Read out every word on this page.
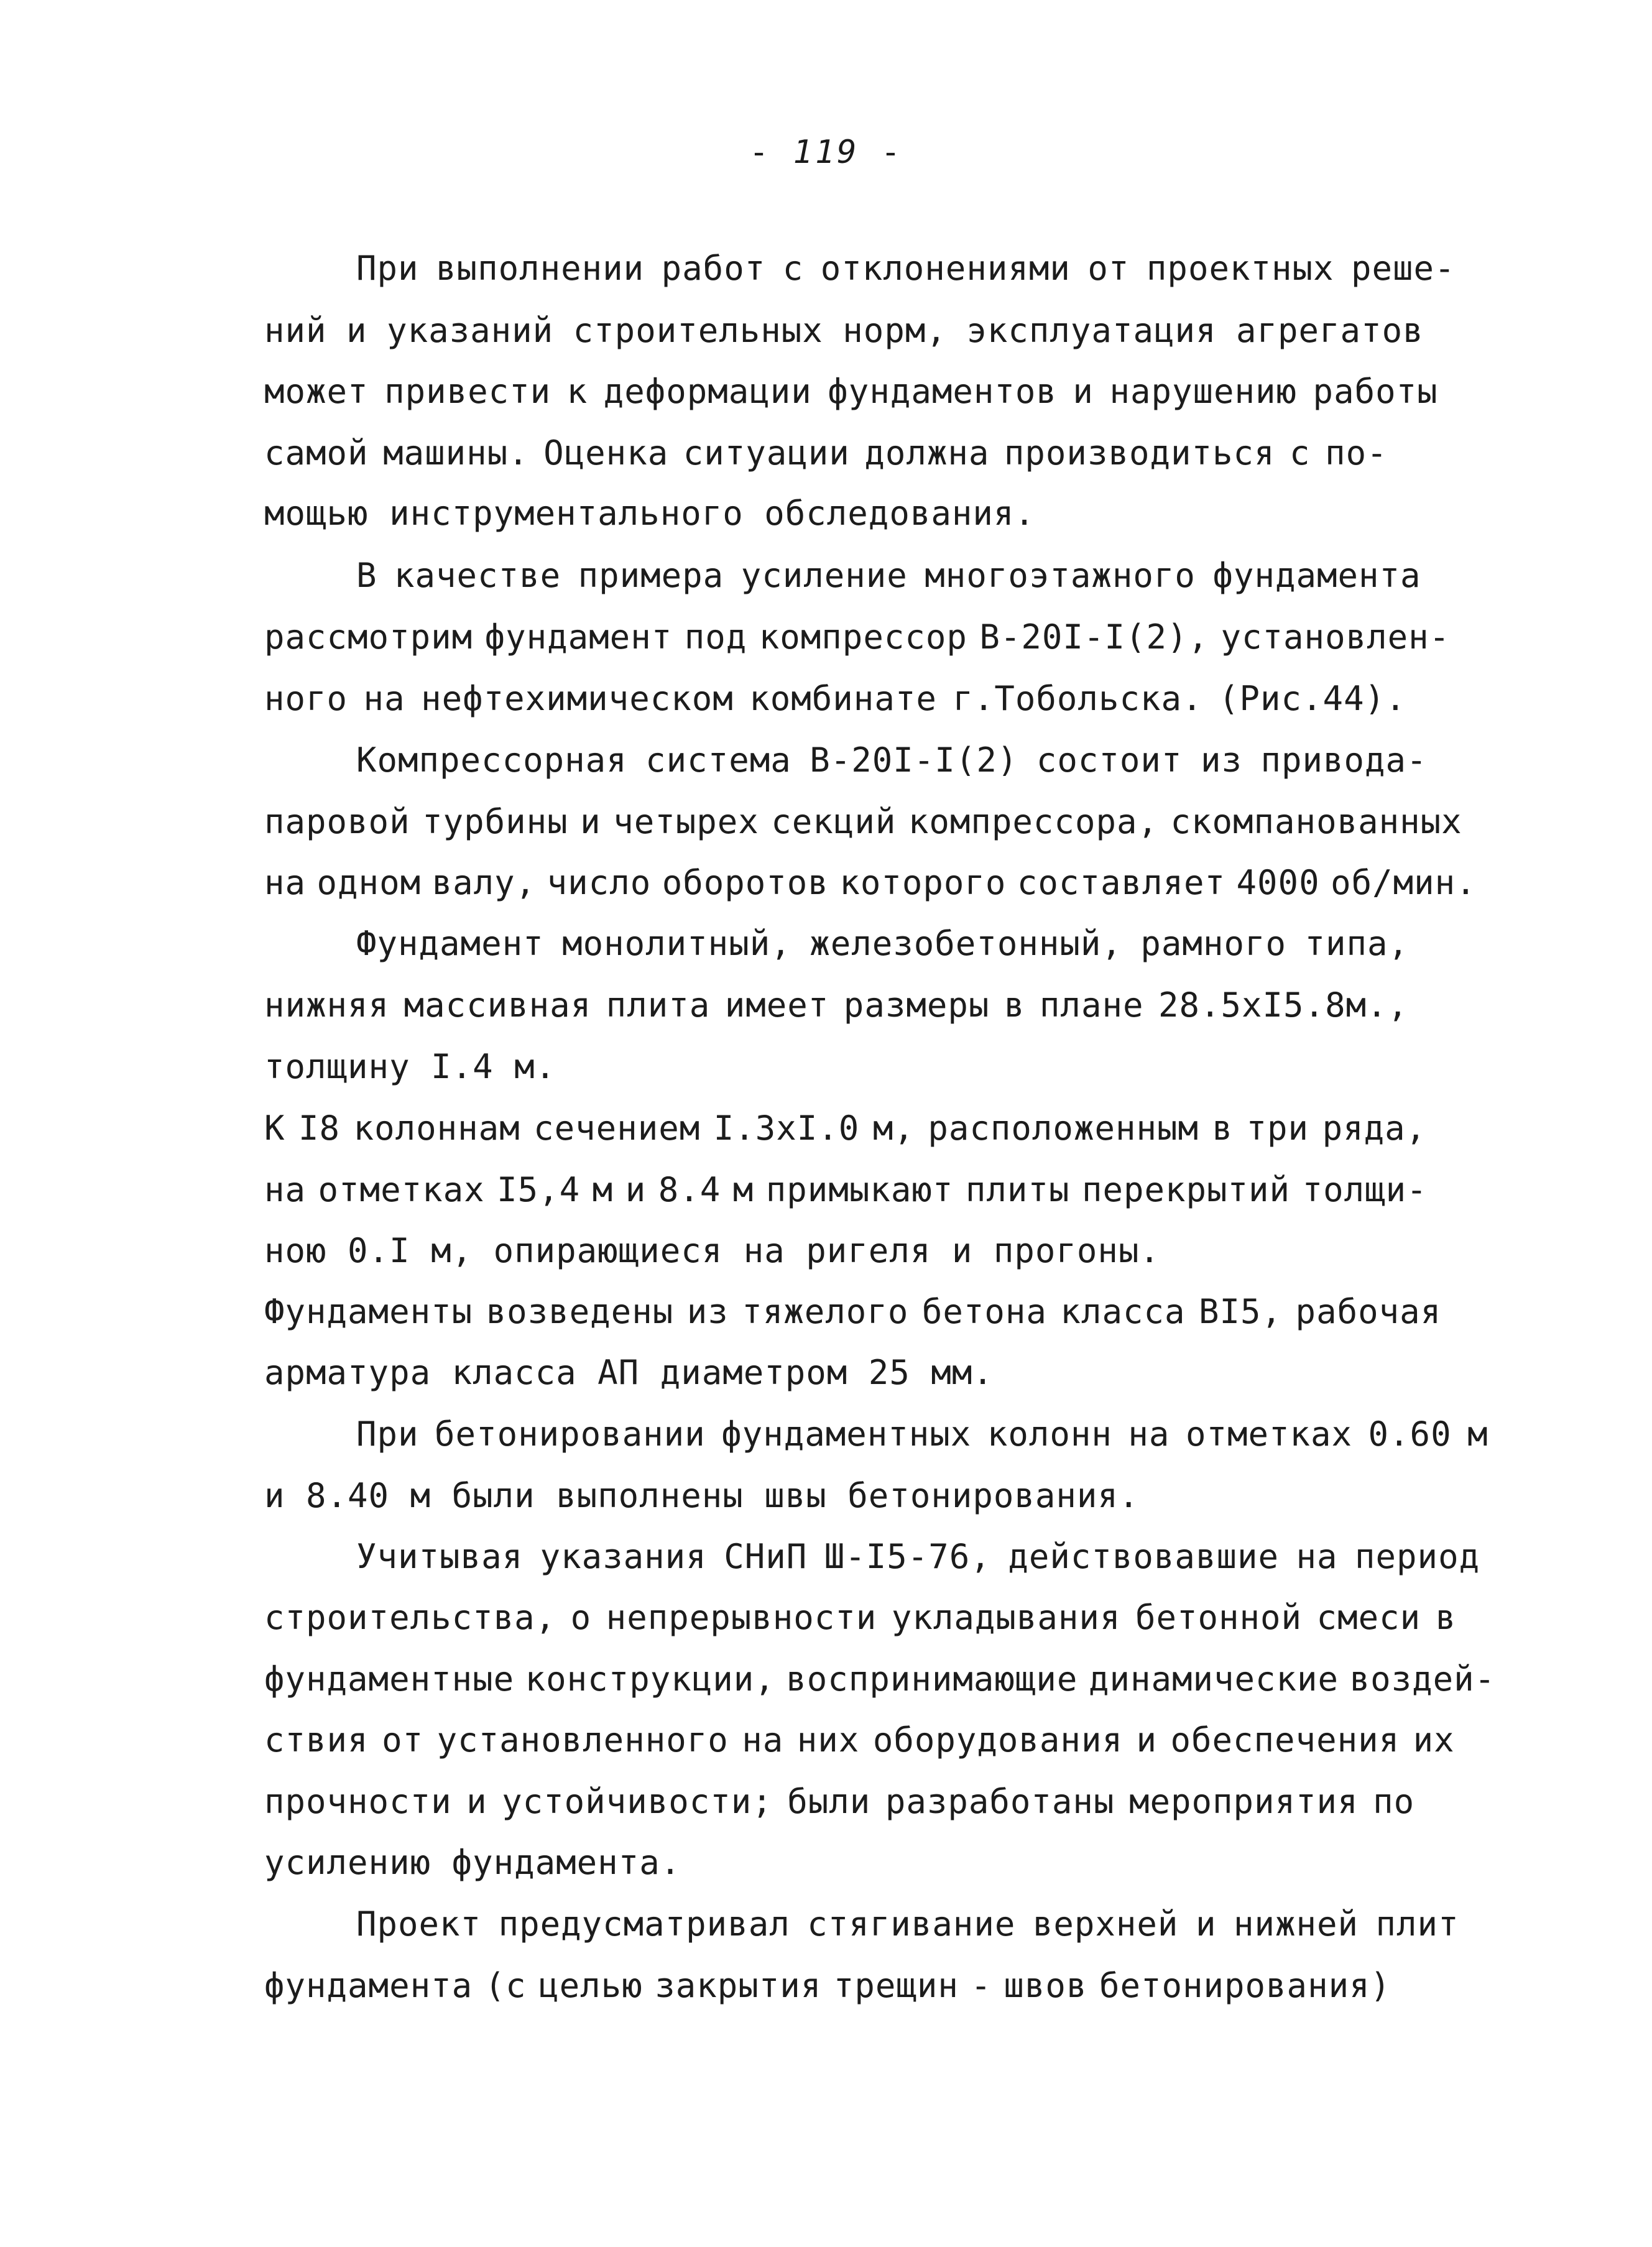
- 119 -
При выполнении работ с отклонениями от проектных реше-
ний и указаний строительных норм, эксплуатация агрегатов
может привести к деформации фундаментов и нарушению работы
самой машины. Оценка ситуации должна производиться с по-
мощью инструментального обследования.
В качестве примера усиление многоэтажного фундамента
рассмотрим фундамент под компрессор В-20I-I(2), установлен-
ного на нефтехимическом комбинате г.Тобольска. (Рис.44).
Компрессорная система В-20I-I(2) состоит из привода-
паровой турбины и четырех секций компрессора, скомпанованных
на одном валу, число оборотов которого составляет 4000 об/мин.
Фундамент монолитный, железобетонный, рамного типа,
нижняя массивная плита имеет размеры в плане 28.5хI5.8м.,
толщину I.4 м.
К I8 колоннам сечением I.3хI.0 м, расположенным в три ряда,
на отметках I5,4 м и 8.4 м примыкают плиты перекрытий толщи-
ною 0.I м, опирающиеся на ригеля и прогоны.
Фундаменты возведены из тяжелого бетона класса ВI5, рабочая
арматура класса АП диаметром 25 мм.
При бетонировании фундаментных колонн на отметках 0.60 м
и 8.40 м были выполнены швы бетонирования.
Учитывая указания СНиП Ш-I5-76, действовавшие на период
строительства, о непрерывности укладывания бетонной смеси в
фундаментные конструкции, воспринимающие динамические воздей-
ствия от установленного на них оборудования и обеспечения их
прочности и устойчивости; были разработаны мероприятия по
усилению фундамента.
Проект предусматривал стягивание верхней и нижней плит
фундамента (с целью закрытия трещин - швов бетонирования)
